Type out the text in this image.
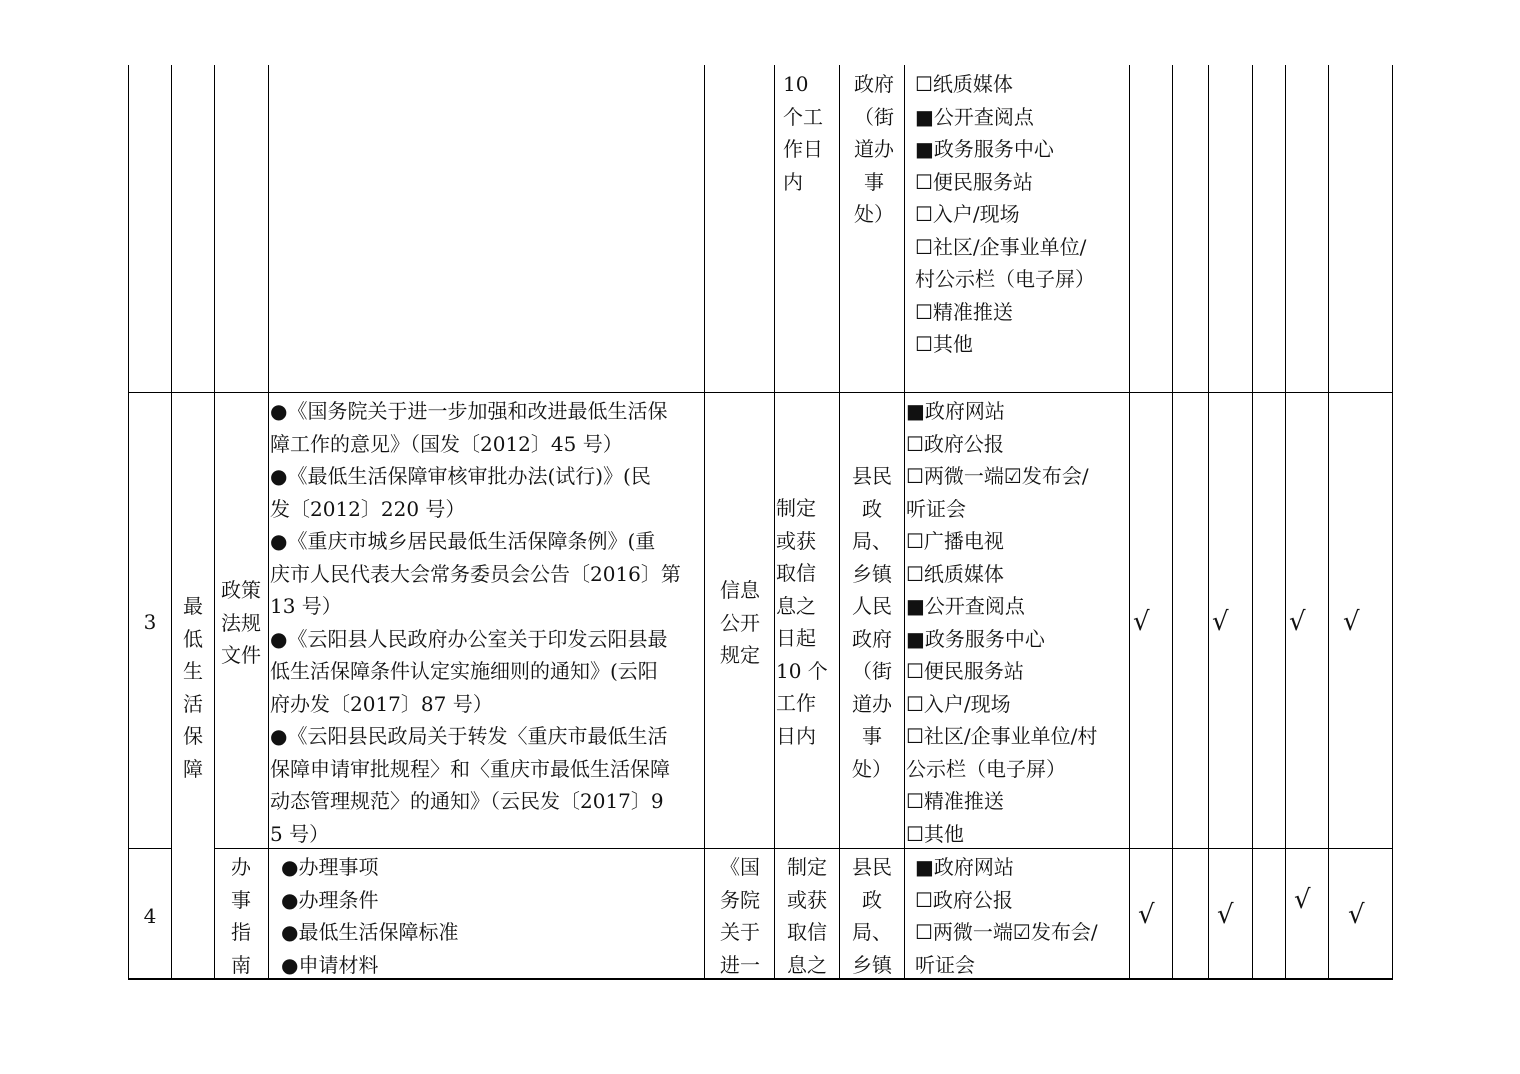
10
个工
作日
内
政府
（街
道办
事
处）
☐纸质媒体
■公开查阅点
■政务服务中心
☐便民服务站
☐入户/现场
☐社区/企事业单位/
村公示栏（电子屏）
☐精准推送
☐其他
3
最
低
生
活
保
障
政策
法规
文件
●《国务院关于进一步加强和改进最低生活保
障工作的意见》（国发〔2012〕45 号）
●《最低生活保障审核审批办法(试行)》(民
发〔2012〕220 号）
●《重庆市城乡居民最低生活保障条例》(重
庆市人民代表大会常务委员会公告〔2016〕第
13 号）
●《云阳县人民政府办公室关于印发云阳县最
低生活保障条件认定实施细则的通知》(云阳
府办发〔2017〕87 号）
●《云阳县民政局关于转发〈重庆市最低生活
保障申请审批规程〉和〈重庆市最低生活保障
动态管理规范〉的通知》（云民发〔2017〕9
5 号）
信息
公开
规定
制定
或获
取信
息之
日起
10 个
工作
日内
县民
政
局、
乡镇
人民
政府
（街
道办
事
处）
■政府网站
☐政府公报
☐两微一端☑发布会/
听证会
☐广播电视
☐纸质媒体
■公开查阅点
■政务服务中心
☐便民服务站
☐入户/现场
☐社区/企事业单位/村
公示栏（电子屏）
☐精准推送
☐其他
√ √ √ √
4
办
事
指
南
●办理事项
●办理条件
●最低生活保障标准
●申请材料
《国
务院
关于
进一
制定
或获
取信
息之
县民
政
局、
乡镇
■政府网站
☐政府公报
☐两微一端☑发布会/
听证会
√ √ √ √
